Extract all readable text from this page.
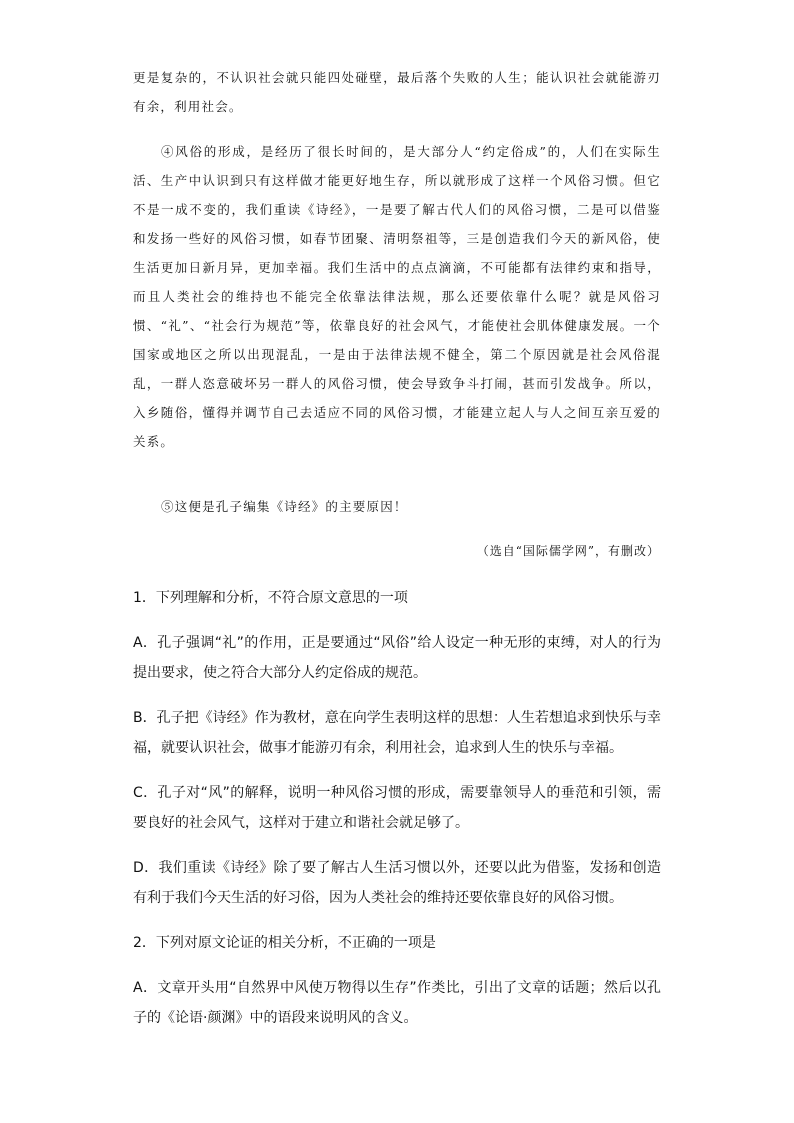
更是复杂的，不认识社会就只能四处碰壁，最后落个失败的人生；能认识社会就能游刃有余，利用社会。

④风俗的形成，是经历了很长时间的，是大部分人“约定俗成”的，人们在实际生活、生产中认识到只有这样做才能更好地生存，所以就形成了这样一个风俗习惯。但它不是一成不变的，我们重读《诗经》，一是要了解古代人们的风俗习惯，二是可以借鉴和发扬一些好的风俗习惯，如春节团聚、清明祭祖等，三是创造我们今天的新风俗，使生活更加日新月异，更加幸福。我们生活中的点点滴滴，不可能都有法律约束和指导，而且人类社会的维持也不能完全依靠法律法规，那么还要依靠什么呢？就是风俗习惯、“礼”、“社会行为规范”等，依靠良好的社会风气，才能使社会肌体健康发展。一个国家或地区之所以出现混乱，一是由于法律法规不健全，第二个原因就是社会风俗混乱，一群人恣意破坏另一群人的风俗习惯，使会导致争斗打闹，甚而引发战争。所以，入乡随俗，懂得并调节自己去适应不同的风俗习惯，才能建立起人与人之间互亲互爱的关系。

⑤这便是孔子编集《诗经》的主要原因！

（选自“国际儒学网”，有删改）

1．下列理解和分析，不符合原文意思的一项

A．孔子强调“礼”的作用，正是要通过“风俗”给人设定一种无形的束缚，对人的行为提出要求，使之符合大部分人约定俗成的规范。

B．孔子把《诗经》作为教材，意在向学生表明这样的思想：人生若想追求到快乐与幸福，就要认识社会，做事才能游刃有余，利用社会，追求到人生的快乐与幸福。

C．孔子对“风”的解释，说明一种风俗习惯的形成，需要靠领导人的垂范和引领，需要良好的社会风气，这样对于建立和谐社会就足够了。

D．我们重读《诗经》除了要了解古人生活习惯以外，还要以此为借鉴，发扬和创造有利于我们今天生活的好习俗，因为人类社会的维持还要依靠良好的风俗习惯。

2．下列对原文论证的相关分析，不正确的一项是

A．文章开头用“自然界中风使万物得以生存”作类比，引出了文章的话题；然后以孔子的《论语·颜渊》中的语段来说明风的含义。
